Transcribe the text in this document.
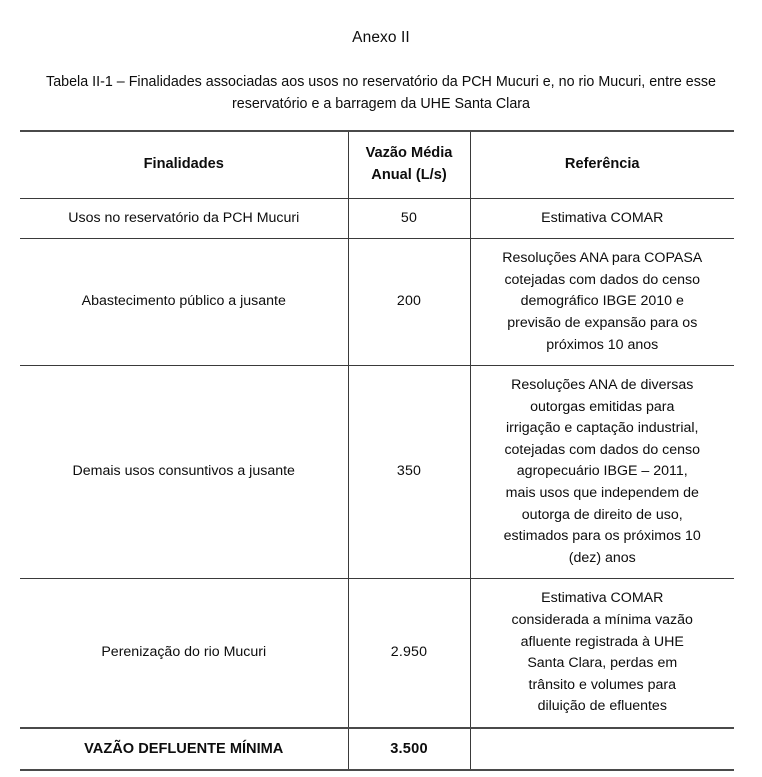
Anexo II
Tabela II-1 – Finalidades associadas aos usos no reservatório da PCH Mucuri e, no rio Mucuri, entre esse reservatório e a barragem da UHE Santa Clara
Finalidades	Vazão Média Anual (L/s)	Referência
Usos no reservatório da PCH Mucuri	50	Estimativa COMAR

Abastecimento público a jusante	200	Resoluções ANA para COPASA
cotejadas com dados do censo
demográfico IBGE 2010 e
previsão de expansão para os
próximos 10 anos

Demais usos consuntivos a jusante	350	
Resoluções ANA de diversas
outorgas emitidas para
irrigação e captação industrial,
cotejadas com dados do censo
agropecuário IBGE – 2011,
mais usos que independem de
outorga de direito de uso,
estimados para os próximos 10
(dez) anos

Perenização do rio Mucuri	2.950	
Estimativa COMAR
considerada a mínima vazão
afluente registrada à UHE
Santa Clara, perdas em
trânsito e volumes para
diluição de efluentes

VAZÃO DEFLUENTE MÍNIMA	3.500	
